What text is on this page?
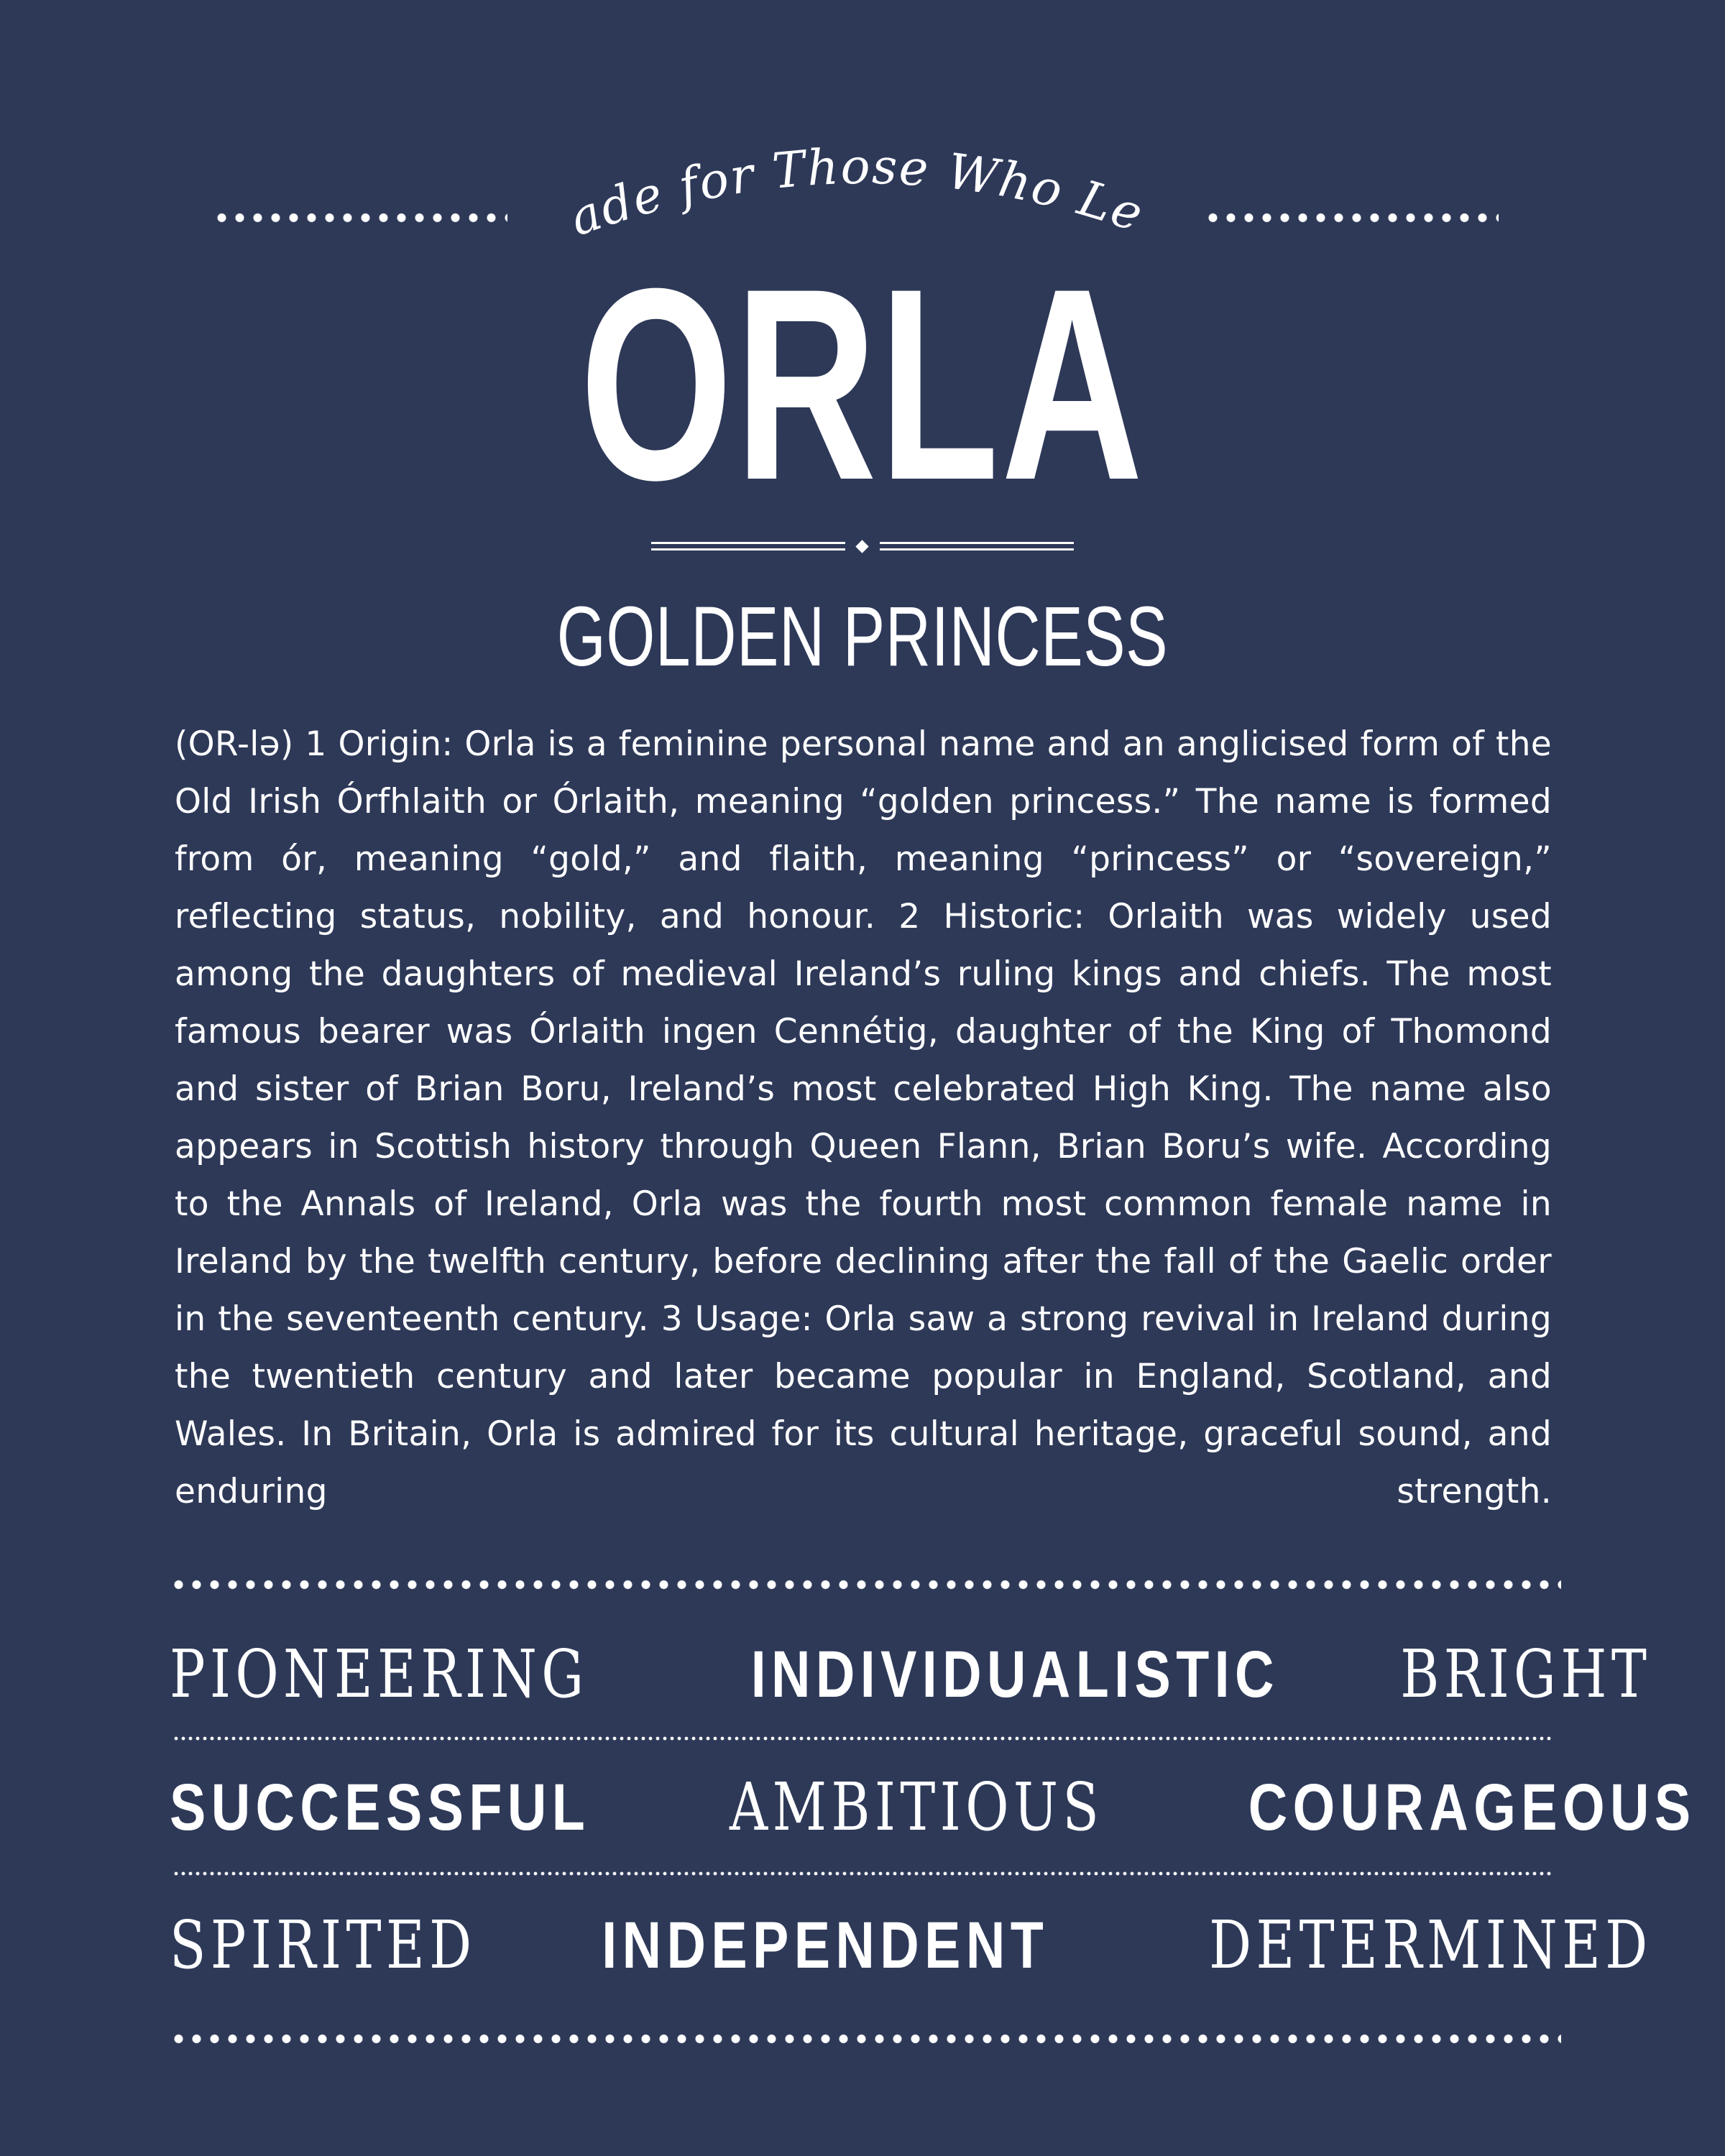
Made for Those Who Lead
ORLA
GOLDEN PRINCESS
(OR-lə) 1 Origin: Orla is a feminine personal name and an anglicised form of the Old Irish Órfhlaith or Órlaith, meaning “golden princess.” The name is formed from ór, meaning “gold,” and flaith, meaning “princess” or “sovereign,” reflecting status, nobility, and honour. 2 Historic: Orlaith was widely used among the daughters of medieval Ireland’s ruling kings and chiefs. The most famous bearer was Órlaith ingen Cennétig, daughter of the King of Thomond and sister of Brian Boru, Ireland’s most celebrated High King. The name also appears in Scottish history through Queen Flann, Brian Boru’s wife. According to the Annals of Ireland, Orla was the fourth most common female name in Ireland by the twelfth century, before declining after the fall of the Gaelic order in the seventeenth century. 3 Usage: Orla saw a strong revival in Ireland during the twentieth century and later became popular in England, Scotland, and Wales. In Britain, Orla is admired for its cultural heritage, graceful sound, and enduring strength.
PIONEERING INDIVIDUALISTIC BRIGHT
SUCCESSFUL AMBITIOUS COURAGEOUS
SPIRITED INDEPENDENT DETERMINED
